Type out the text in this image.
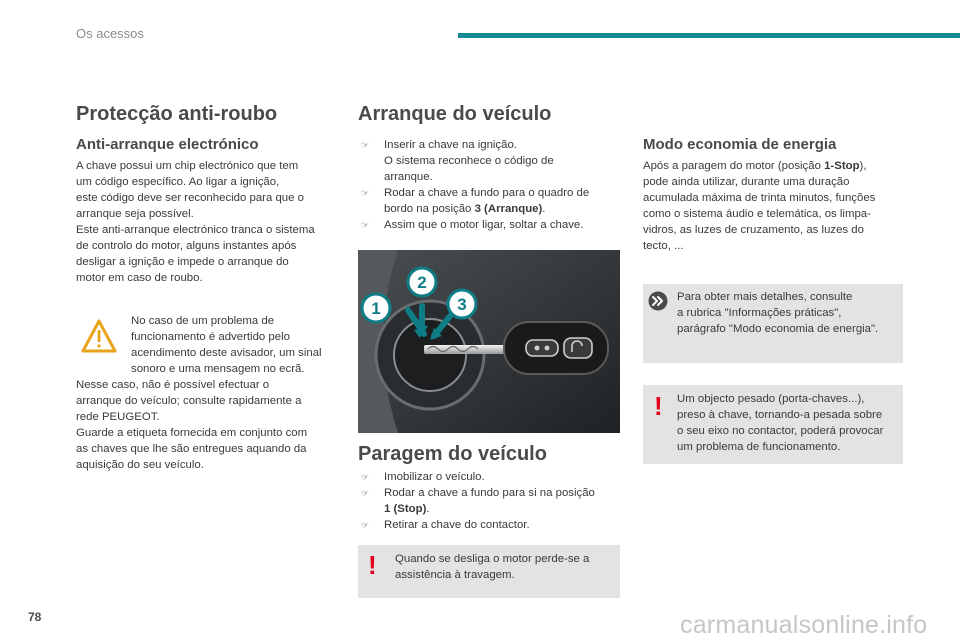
Os acessos
Protecção anti-roubo
Anti-arranque electrónico
A chave possui um chip electrónico que tem
um código específico. Ao ligar a ignição,
este código deve ser reconhecido para que o
arranque seja possível.
Este anti-arranque electrónico tranca o sistema
de controlo do motor, alguns instantes após
desligar a ignição e impede o arranque do
motor em caso de roubo.
No caso de um problema de
funcionamento é advertido pelo
acendimento deste avisador, um sinal
sonoro e uma mensagem no ecrã.
Nesse caso, não é possível efectuar o
arranque do veículo; consulte rapidamente a
rede PEUGEOT.
Guarde a etiqueta fornecida em conjunto com
as chaves que lhe são entregues aquando da
aquisição do seu veículo.
Arranque do veículo
☞ Inserir a chave na ignição.
O sistema reconhece o código de
arranque.
☞ Rodar a chave a fundo para o quadro de
bordo na posição 3 (Arranque).
☞ Assim que o motor ligar, soltar a chave.
1
2
3
Paragem do veículo
☞ Imobilizar o veículo.
☞ Rodar a chave a fundo para si na posição
1 (Stop).
☞ Retirar a chave do contactor.
! Quando se desliga o motor perde-se a
assistência à travagem.
Modo economia de energia
Após a paragem do motor (posição 1-Stop),
pode ainda utilizar, durante uma duração
acumulada máxima de trinta minutos, funções
como o sistema áudio e telemática, os limpa-
vidros, as luzes de cruzamento, as luzes do
tecto, ...
Para obter mais detalhes, consulte
a rubrica "Informações práticas",
parágrafo "Modo economia de energia".
! Um objecto pesado (porta-chaves...),
preso à chave, tornando-a pesada sobre
o seu eixo no contactor, poderá provocar
um problema de funcionamento.
78	carmanualsonline.info
